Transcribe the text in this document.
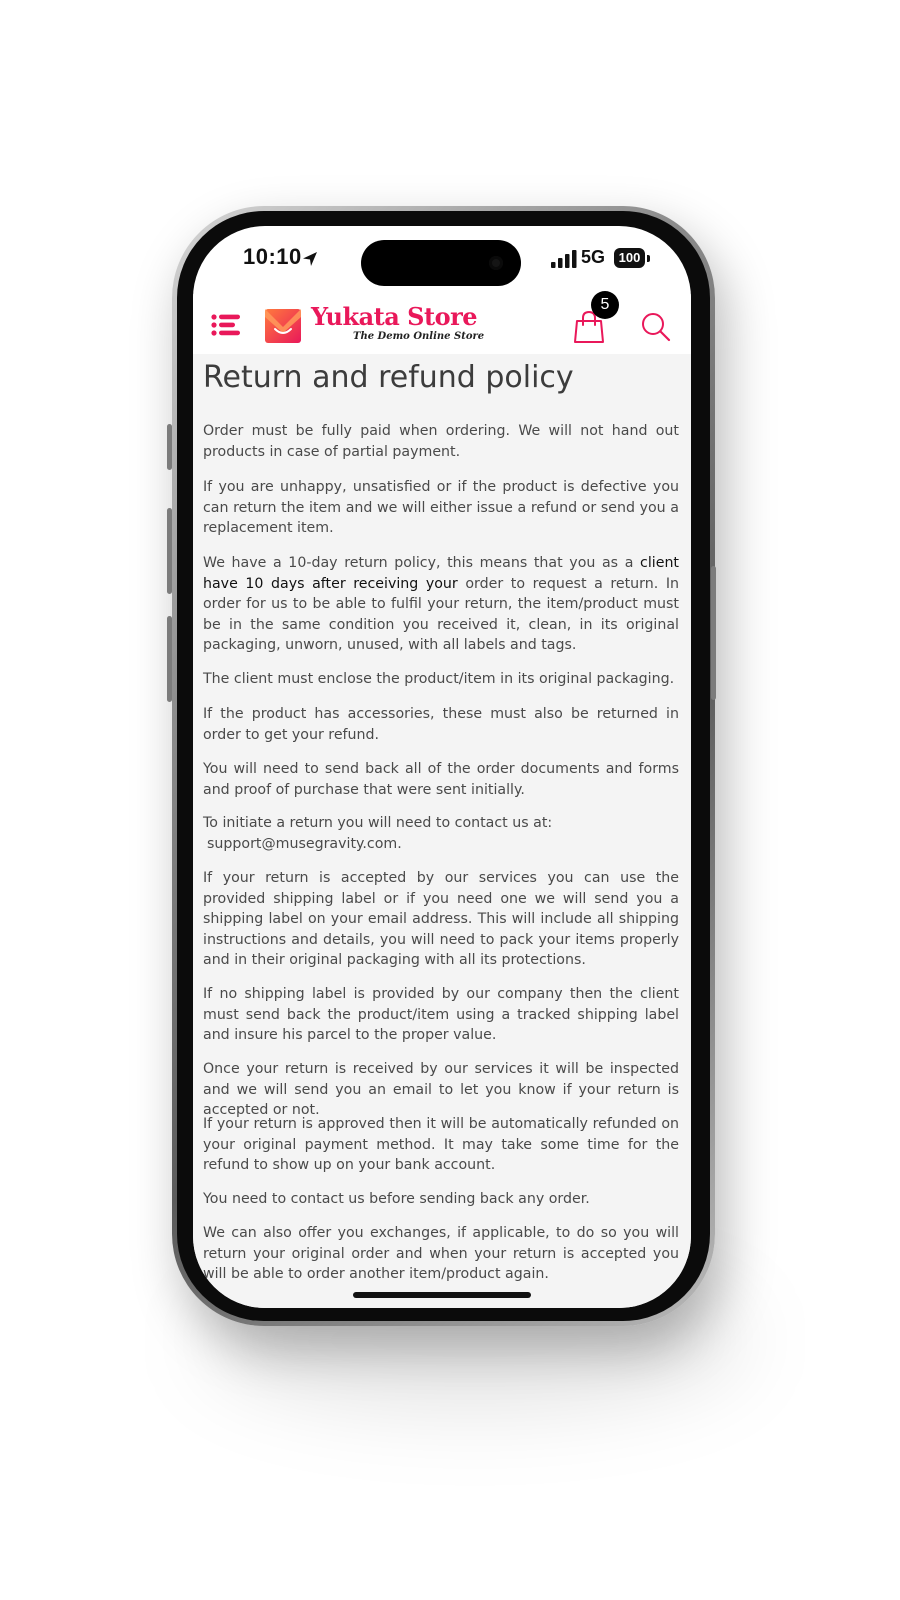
10:10	5G	100
Yukata Store
The Demo Online Store
5
Return and refund policy

Order must be fully paid when ordering. We will not hand out products in case of partial payment.

If you are unhappy, unsatisfied or if the product is defective you can return the item and we will either issue a refund or send you a replacement item.

We have a 10-day return policy, this means that you as a client have 10 days after receiving your order to request a return. In order for us to be able to fulfil your return, the item/product must be in the same condition you received it, clean, in its original packaging, unworn, unused, with all labels and tags.

The client must enclose the product/item in its original packaging.

If the product has accessories, these must also be returned in order to get your refund.

You will need to send back all of the order documents and forms and proof of purchase that were sent initially.

To initiate a return you will need to contact us at:
support@musegravity.com.

If your return is accepted by our services you can use the provided shipping label or if you need one we will send you a shipping label on your email address. This will include all shipping instructions and details, you will need to pack your items properly and in their original packaging with all its protections.

If no shipping label is provided by our company then the client must send back the product/item using a tracked shipping label and insure his parcel to the proper value.

Once your return is received by our services it will be inspected and we will send you an email to let you know if your return is accepted or not.

If your return is approved then it will be automatically refunded on your original payment method. It may take some time for the refund to show up on your bank account.

You need to contact us before sending back any order.

We can also offer you exchanges, if applicable, to do so you will return your original order and when your return is accepted you will be able to order another item/product again.
